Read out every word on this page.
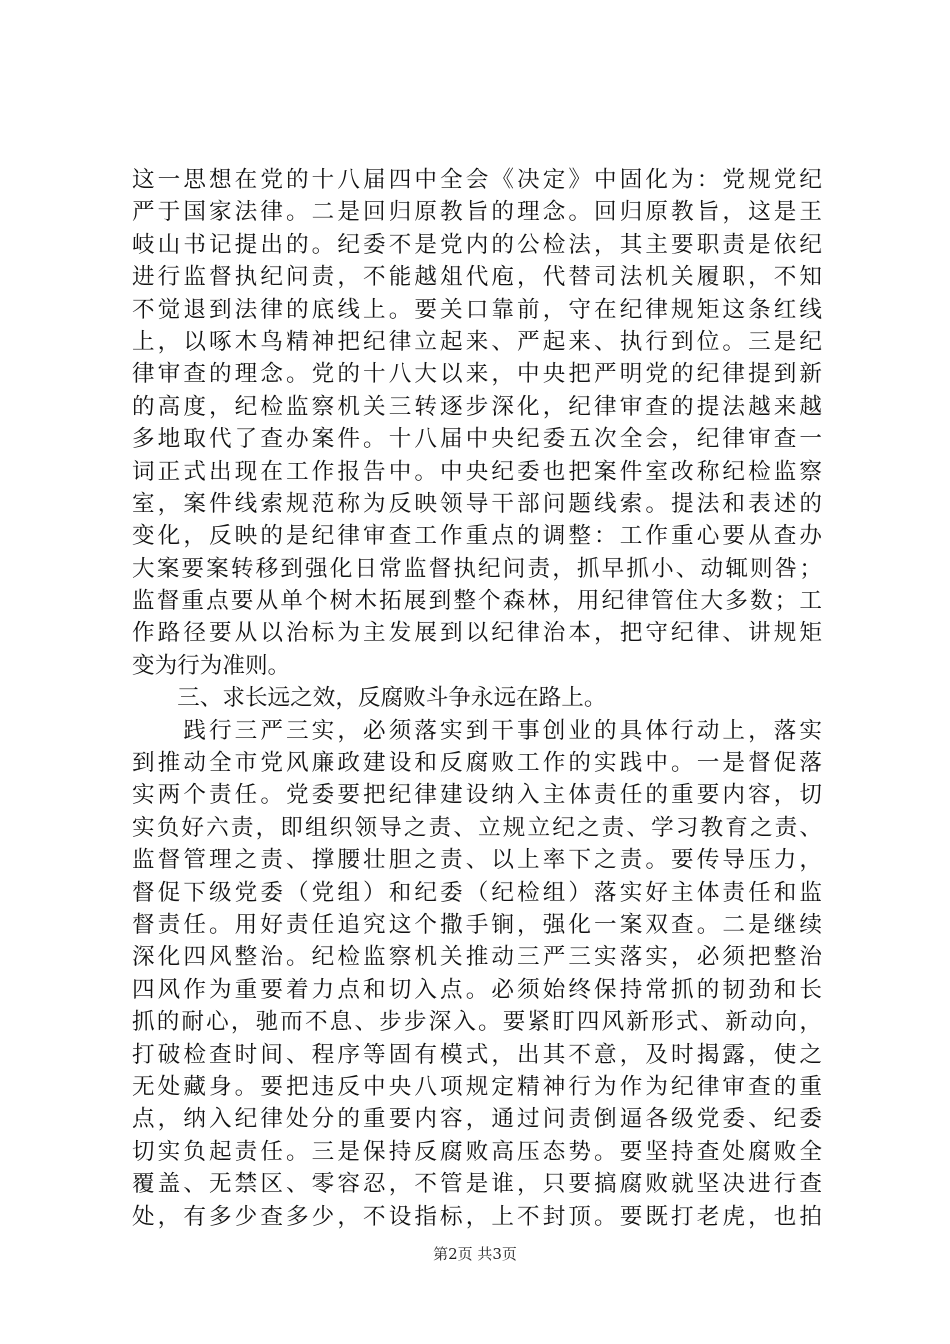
这一思想在党的十八届四中全会《决定》中固化为：党规党纪
严于国家法律。二是回归原教旨的理念。回归原教旨，这是王
岐山书记提出的。纪委不是党内的公检法，其主要职责是依纪
进行监督执纪问责，不能越俎代庖，代替司法机关履职，不知
不觉退到法律的底线上。要关口靠前，守在纪律规矩这条红线
上，以啄木鸟精神把纪律立起来、严起来、执行到位。三是纪
律审查的理念。党的十八大以来，中央把严明党的纪律提到新
的高度，纪检监察机关三转逐步深化，纪律审查的提法越来越
多地取代了查办案件。十八届中央纪委五次全会，纪律审查一
词正式出现在工作报告中。中央纪委也把案件室改称纪检监察
室，案件线索规范称为反映领导干部问题线索。提法和表述的
变化，反映的是纪律审查工作重点的调整：工作重心要从查办
大案要案转移到强化日常监督执纪问责，抓早抓小、动辄则咎；
监督重点要从单个树木拓展到整个森林，用纪律管住大多数；工
作路径要从以治标为主发展到以纪律治本，把守纪律、讲规矩
变为行为准则。
　　三、求长远之效，反腐败斗争永远在路上。
　　践行三严三实，必须落实到干事创业的具体行动上，落实
到推动全市党风廉政建设和反腐败工作的实践中。一是督促落
实两个责任。党委要把纪律建设纳入主体责任的重要内容，切
实负好六责，即组织领导之责、立规立纪之责、学习教育之责、
监督管理之责、撑腰壮胆之责、以上率下之责。要传导压力，
督促下级党委（党组）和纪委（纪检组）落实好主体责任和监
督责任。用好责任追究这个撒手锏，强化一案双查。二是继续
深化四风整治。纪检监察机关推动三严三实落实，必须把整治
四风作为重要着力点和切入点。必须始终保持常抓的韧劲和长
抓的耐心，驰而不息、步步深入。要紧盯四风新形式、新动向，
打破检查时间、程序等固有模式，出其不意，及时揭露，使之
无处藏身。要把违反中央八项规定精神行为作为纪律审查的重
点，纳入纪律处分的重要内容，通过问责倒逼各级党委、纪委
切实负起责任。三是保持反腐败高压态势。要坚持查处腐败全
覆盖、无禁区、零容忍，不管是谁，只要搞腐败就坚决进行查
处，有多少查多少，不设指标，上不封顶。要既打老虎，也拍
第2页 共3页
